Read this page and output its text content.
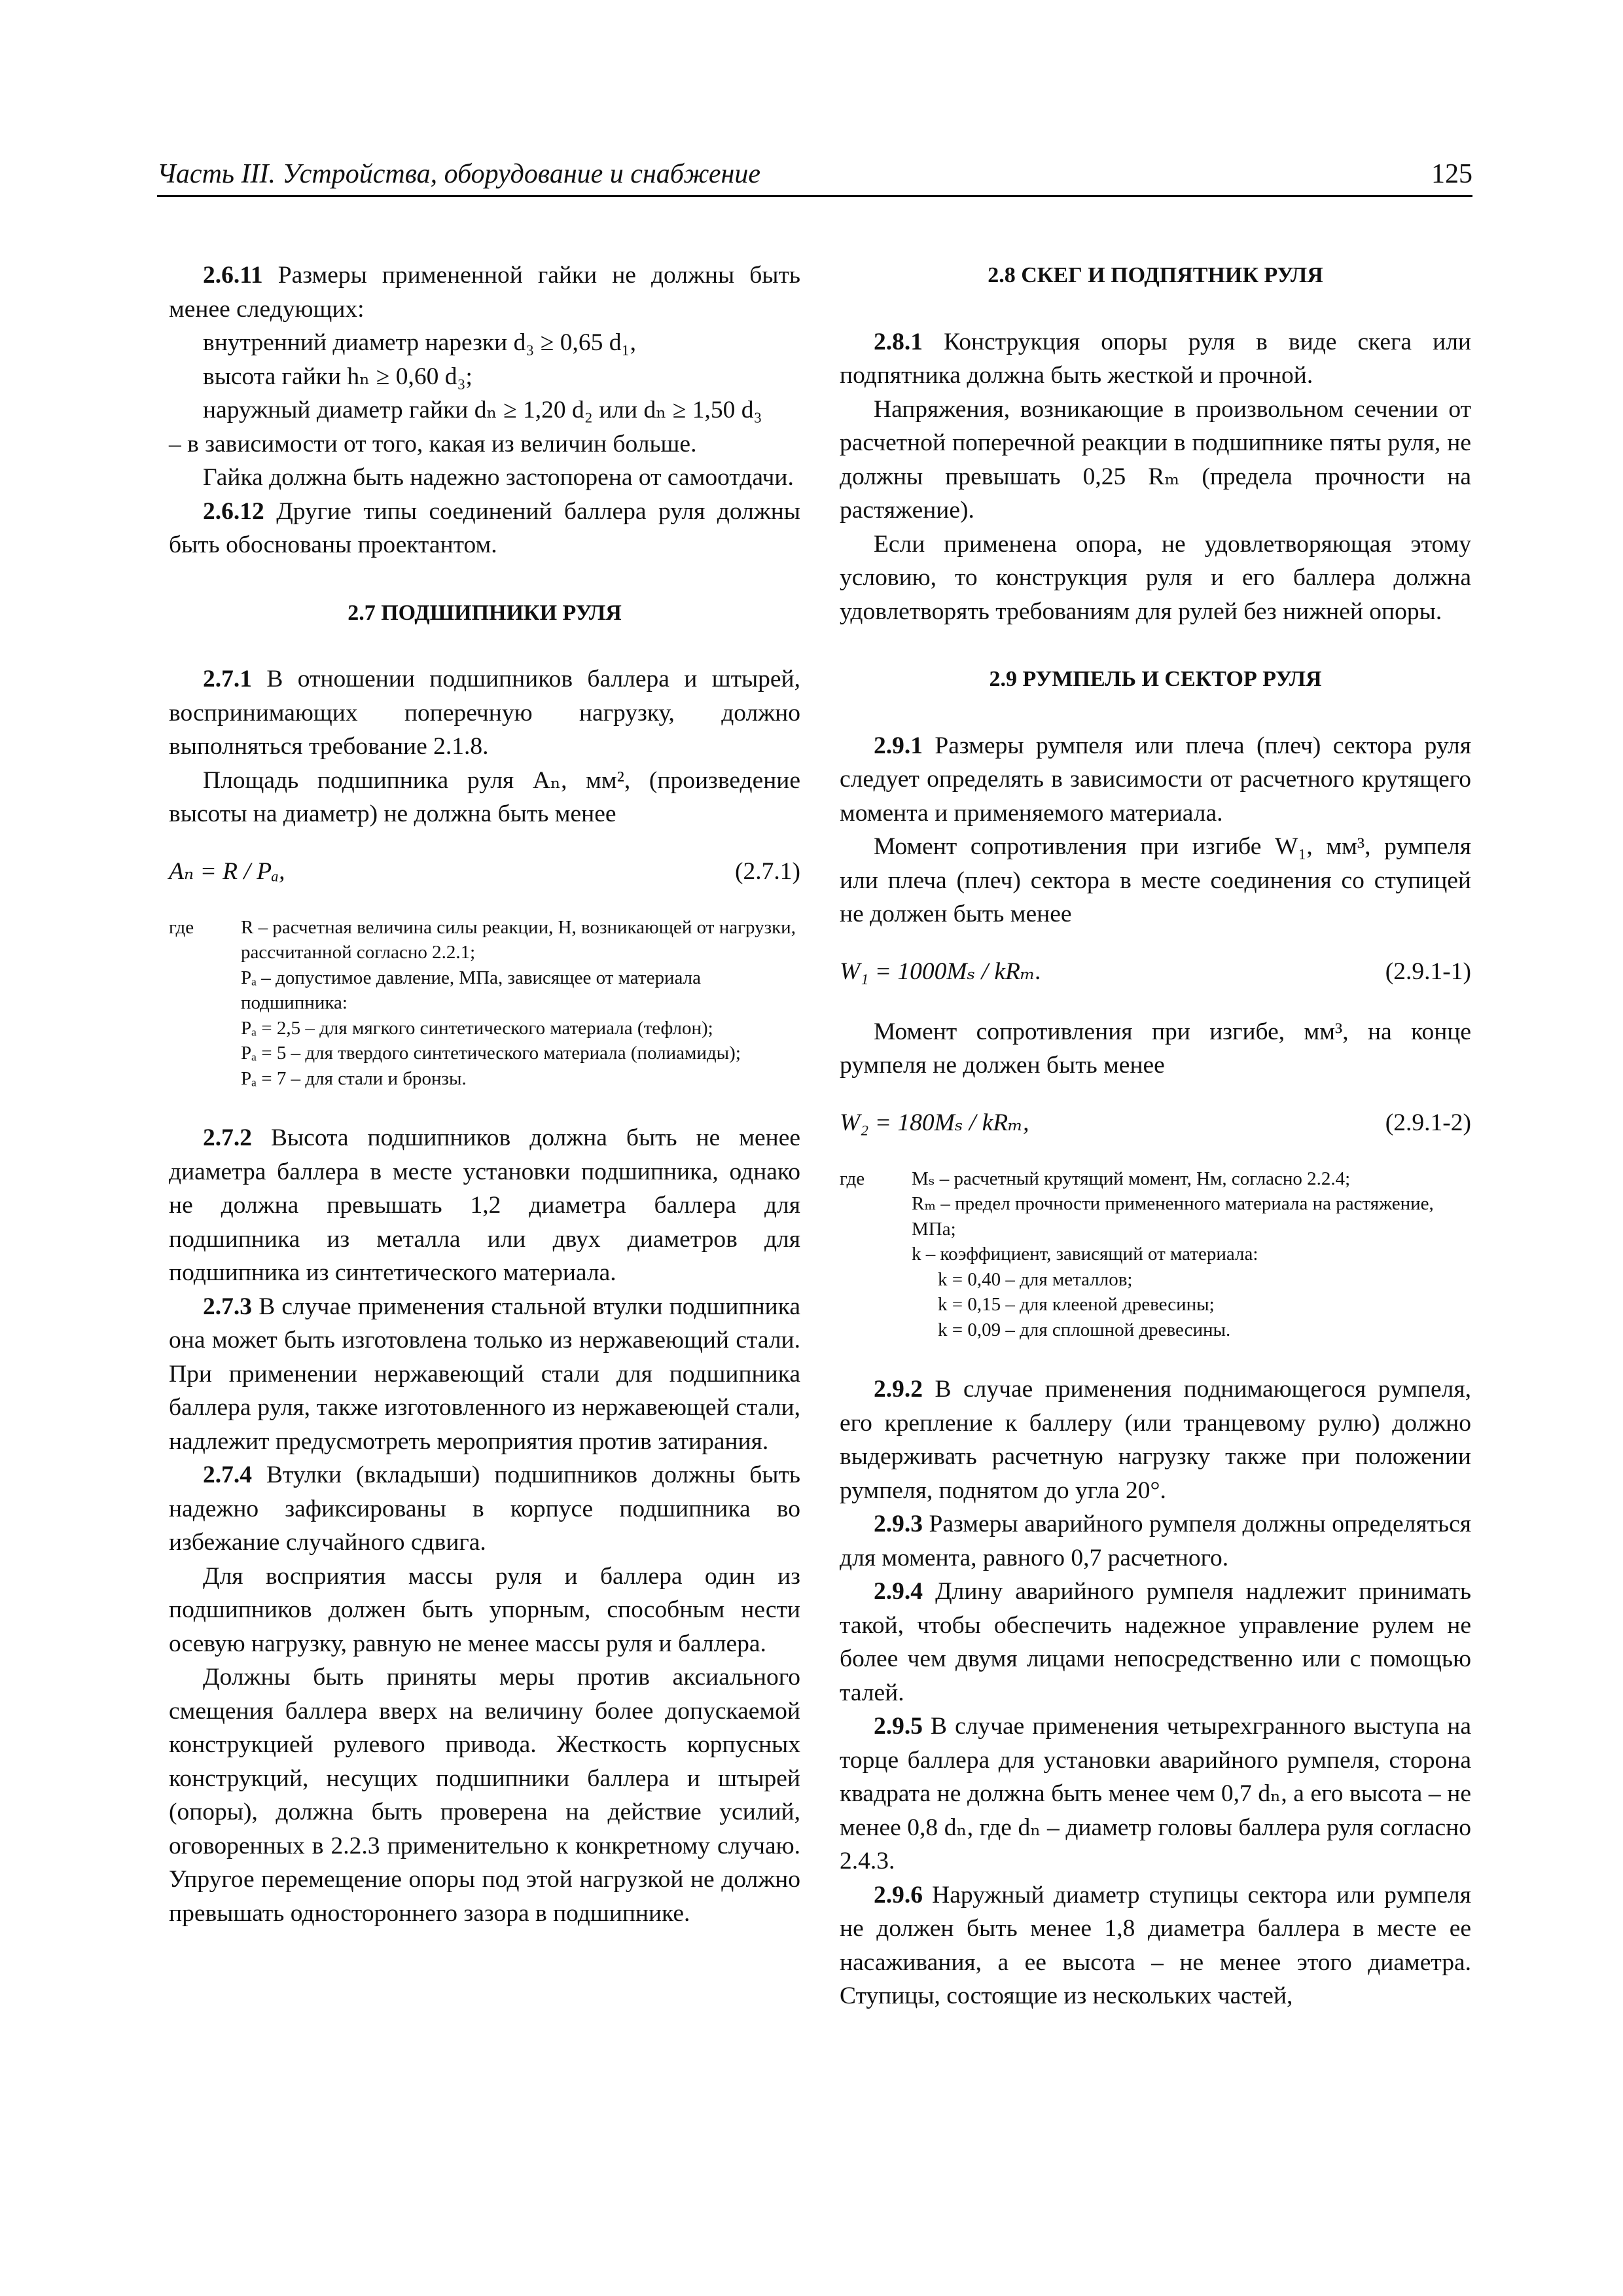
Часть III. Устройства, оборудование и снабжение	125

2.6.11 Размеры примененной гайки не должны быть менее следующих:

внутренний диаметр нарезки d₃ ≥ 0,65 d₁,
высота гайки hₙ ≥ 0,60 d₃;
наружный диаметр гайки dₙ ≥ 1,20 d₂ или dₙ ≥ 1,50 d₃

– в зависимости от того, какая из величин больше.

Гайка должна быть надежно застопорена от самоотдачи.

2.6.12 Другие типы соединений баллера руля должны быть обоснованы проектантом.

2.7 ПОДШИПНИКИ РУЛЯ

2.7.1 В отношении подшипников баллера и штырей, воспринимающих поперечную нагрузку, должно выполняться требование 2.1.8.

Площадь подшипника руля Aₙ, мм², (произведение высоты на диаметр) не должна быть менее

Aₙ = R / Pₐ,	(2.7.1)
где R – расчетная величина силы реакции, Н, возникающей от нагрузки, рассчитанной согласно 2.2.1;
Pₐ – допустимое давление, МПа, зависящее от материала подшипника:
Pₐ = 2,5 – для мягкого синтетического материала (тефлон);
Pₐ = 5 – для твердого синтетического материала (полиамиды);
Pₐ = 7 – для стали и бронзы.

2.7.2 Высота подшипников должна быть не менее диаметра баллера в месте установки подшипника, однако не должна превышать 1,2 диаметра баллера для подшипника из металла или двух диаметров для подшипника из синтетического материала.

2.7.3 В случае применения стальной втулки подшипника она может быть изготовлена только из нержавеющий стали. При применении нержавеющий стали для подшипника баллера руля, также изготовленного из нержавеющей стали, надлежит предусмотреть мероприятия против затирания.

2.7.4 Втулки (вкладыши) подшипников должны быть надежно зафиксированы в корпусе подшипника во избежание случайного сдвига.

Для восприятия массы руля и баллера один из подшипников должен быть упорным, способным нести осевую нагрузку, равную не менее массы руля и баллера.

Должны быть приняты меры против аксиального смещения баллера вверх на величину более допускаемой конструкцией рулевого привода. Жесткость корпусных конструкций, несущих подшипники баллера и штырей (опоры), должна быть проверена на действие усилий, оговоренных в 2.2.3 применительно к конкретному случаю. Упругое перемещение опоры под этой нагрузкой не должно превышать одностороннего зазора в подшипнике.

2.8 СКЕГ И ПОДПЯТНИК РУЛЯ

2.8.1 Конструкция опоры руля в виде скега или подпятника должна быть жесткой и прочной.

Напряжения, возникающие в произвольном сечении от расчетной поперечной реакции в подшипнике пяты руля, не должны превышать 0,25 Rₘ (предела прочности на растяжение).

Если применена опора, не удовлетворяющая этому условию, то конструкция руля и его баллера должна удовлетворять требованиям для рулей без нижней опоры.

2.9 РУМПЕЛЬ И СЕКТОР РУЛЯ

2.9.1 Размеры румпеля или плеча (плеч) сектора руля следует определять в зависимости от расчетного крутящего момента и применяемого материала.

Момент сопротивления при изгибе W₁, мм³, румпеля или плеча (плеч) сектора в месте соединения со ступицей не должен быть менее

W₁ = 1000Mₛ / kRₘ.	(2.9.1-1)

Момент сопротивления при изгибе, мм³, на конце румпеля не должен быть менее

W₂ = 180Mₛ / kRₘ,	(2.9.1-2)
где Mₛ – расчетный крутящий момент, Нм, согласно 2.2.4;
Rₘ – предел прочности примененного материала на растяжение, МПа;
k – коэффициент, зависящий от материала:
k = 0,40 – для металлов;
k = 0,15 – для клееной древесины;
k = 0,09 – для сплошной древесины.

2.9.2 В случае применения поднимающегося румпеля, его крепление к баллеру (или транцевому рулю) должно выдерживать расчетную нагрузку также при положении румпеля, поднятом до угла 20°.

2.9.3 Размеры аварийного румпеля должны определяться для момента, равного 0,7 расчетного.

2.9.4 Длину аварийного румпеля надлежит принимать такой, чтобы обеспечить надежное управление рулем не более чем двумя лицами непосредственно или с помощью талей.

2.9.5 В случае применения четырехгранного выступа на торце баллера для установки аварийного румпеля, сторона квадрата не должна быть менее чем 0,7 dₙ, а его высота – не менее 0,8 dₙ, где dₙ – диаметр головы баллера руля согласно 2.4.3.

2.9.6 Наружный диаметр ступицы сектора или румпеля не должен быть менее 1,8 диаметра баллера в месте ее насаживания, а ее высота – не менее этого диаметра. Ступицы, состоящие из нескольких частей,
